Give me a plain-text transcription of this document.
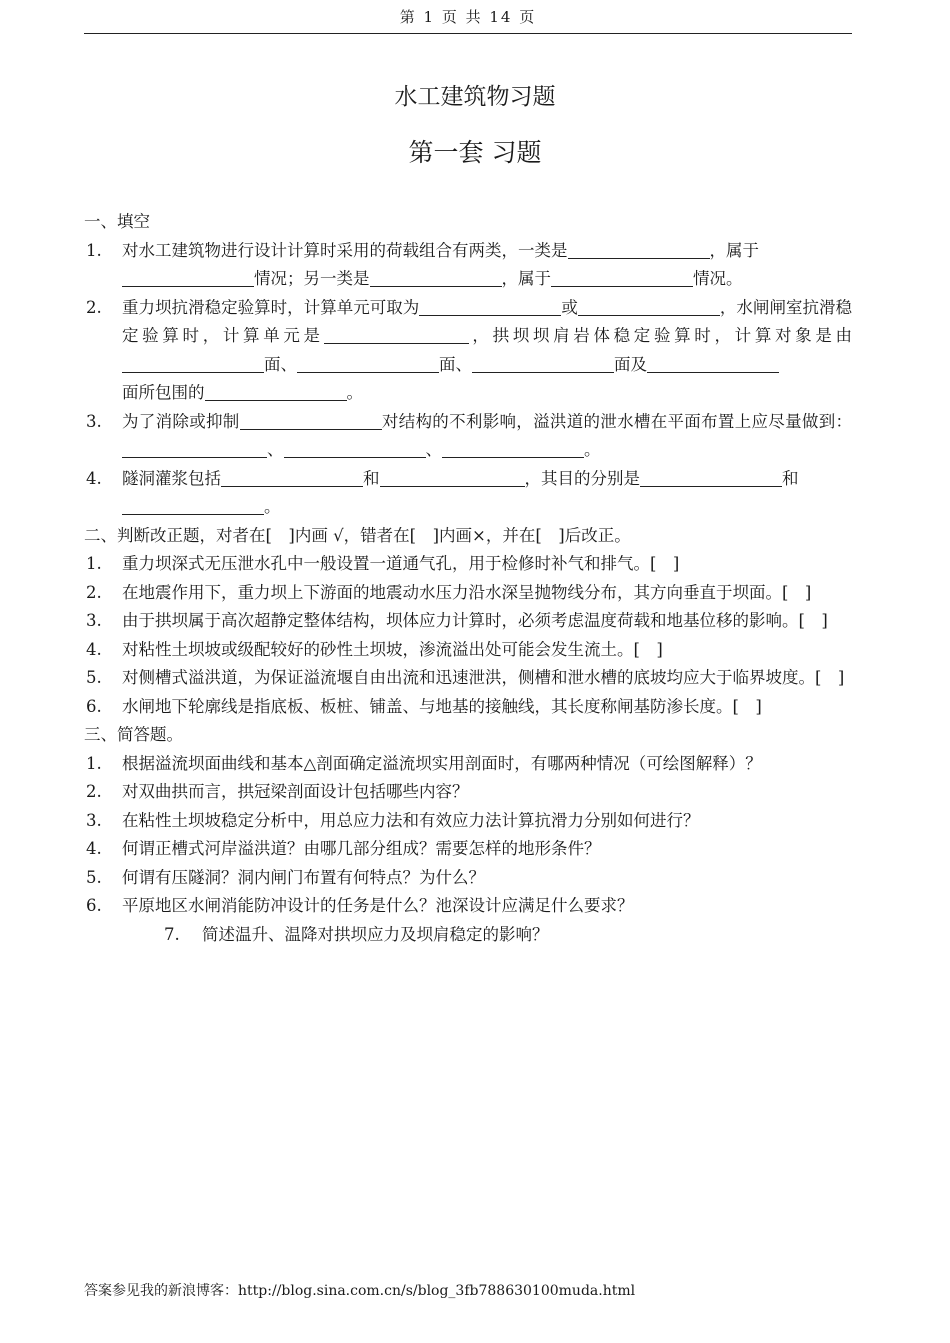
第 1 页 共 14 页
水工建筑物习题
第一套 习题
一、填空
1. 对水工建筑物进行设计计算时采用的荷载组合有两类，一类是	，属于
情况；另一类是	，属于	情况。
2. 重力坝抗滑稳定验算时，计算单元可取为	或	，水闸闸室抗滑稳定验算时，计算单元是	，拱坝坝肩岩体稳定验算时，计算对象是由面、	面、	面及
面所包围的	。
3. 为了消除或抑制	对结构的不利影响，溢洪道的泄水槽在平面布置上应尽量做到：、	、	。
4. 隧洞灌浆包括	和	，其目的分别是	和
。
二、判断改正题，对者在[　]内画 √，错者在[　]内画×，并在[　]后改正。
1. 重力坝深式无压泄水孔中一般设置一道通气孔，用于检修时补气和排气。[　]
2. 在地震作用下，重力坝上下游面的地震动水压力沿水深呈抛物线分布，其方向垂直于坝面。[　]
3. 由于拱坝属于高次超静定整体结构，坝体应力计算时，必须考虑温度荷载和地基位移的影响。[　]
4. 对粘性土坝坡或级配较好的砂性土坝坡，渗流溢出处可能会发生流土。[　]
5. 对侧槽式溢洪道，为保证溢流堰自由出流和迅速泄洪，侧槽和泄水槽的底坡均应大于临界坡度。[　]
6. 水闸地下轮廓线是指底板、板桩、铺盖、与地基的接触线，其长度称闸基防渗长度。[　]
三、简答题。
1. 根据溢流坝面曲线和基本△剖面确定溢流坝实用剖面时，有哪两种情况（可绘图解释）？
2. 对双曲拱而言，拱冠梁剖面设计包括哪些内容？
3. 在粘性土坝坡稳定分析中，用总应力法和有效应力法计算抗滑力分别如何进行？
4. 何谓正槽式河岸溢洪道？由哪几部分组成？需要怎样的地形条件？
5. 何谓有压隧洞？洞内闸门布置有何特点？为什么？
6. 平原地区水闸消能防冲设计的任务是什么？池深设计应满足什么要求？
7. 简述温升、温降对拱坝应力及坝肩稳定的影响？
答案参见我的新浪博客：http://blog.sina.com.cn/s/blog_3fb788630100muda.html
